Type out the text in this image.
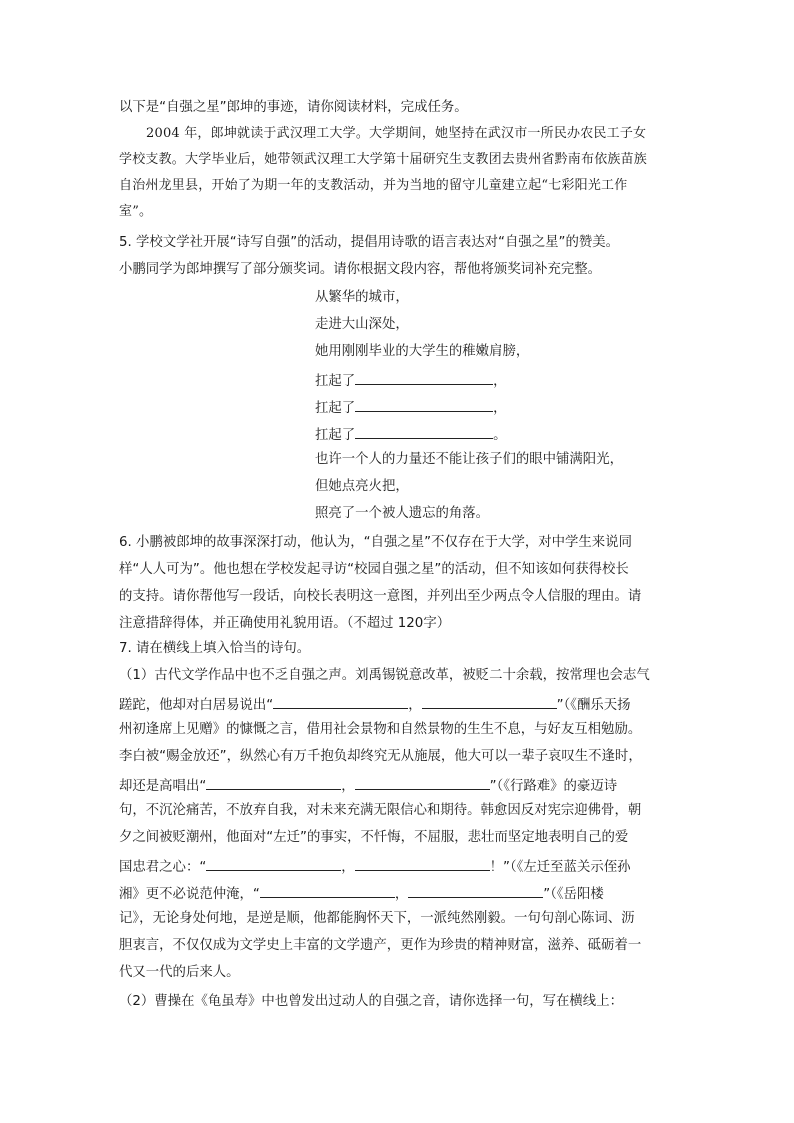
以下是“自强之星”郎坤的事迹，请你阅读材料，完成任务。
2004 年，郎坤就读于武汉理工大学。大学期间，她坚持在武汉市一所民办农民工子女
学校支教。大学毕业后，她带领武汉理工大学第十届研究生支教团去贵州省黔南布依族苗族
自治州龙里县，开始了为期一年的支教活动，并为当地的留守儿童建立起“七彩阳光工作
室”。
5. 学校文学社开展“诗写自强”的活动，提倡用诗歌的语言表达对“自强之星”的赞美。
小鹏同学为郎坤撰写了部分颁奖词。请你根据文段内容，帮他将颁奖词补充完整。
从繁华的城市，
走进大山深处，
她用刚刚毕业的大学生的稚嫩肩膀，
扛起了	，
扛起了	，
扛起了	。
也许一个人的力量还不能让孩子们的眼中铺满阳光，
但她点亮火把，
照亮了一个被人遗忘的角落。
6. 小鹏被郎坤的故事深深打动，他认为，“自强之星”不仅存在于大学，对中学生来说同
样“人人可为”。他也想在学校发起寻访“校园自强之星”的活动，但不知该如何获得校长
的支持。请你帮他写一段话，向校长表明这一意图，并列出至少两点令人信服的理由。请
注意措辞得体，并正确使用礼貌用语。（不超过 120字）
7. 请在横线上填入恰当的诗句。
（1）古代文学作品中也不乏自强之声。刘禹锡锐意改革，被贬二十余载，按常理也会志气
蹉跎，他却对白居易说出“	，	”（《酬乐天扬
州初逢席上见赠》的慷慨之言，借用社会景物和自然景物的生生不息，与好友互相勉励。
李白被“赐金放还”，纵然心有万千抱负却终究无从施展，他大可以一辈子哀叹生不逢时，
却还是高唱出“	，	”（《行路难》的豪迈诗
句，不沉沦痛苦，不放弃自我，对未来充满无限信心和期待。韩愈因反对宪宗迎佛骨，朝
夕之间被贬潮州，他面对“左迁”的事实，不忏悔，不屈服，悲壮而坚定地表明自己的爱
国忠君之心：“	，	！”（《左迁至蓝关示侄孙
湘》更不必说范仲淹，“	，	”（《岳阳楼
记》，无论身处何地，是逆是顺，他都能胸怀天下，一派纯然刚毅。一句句剖心陈词、沥
胆衷言，不仅仅成为文学史上丰富的文学遗产，更作为珍贵的精神财富，滋养、砥砺着一
代又一代的后来人。
（2）曹操在《龟虽寿》中也曾发出过动人的自强之音，请你选择一句，写在横线上：
